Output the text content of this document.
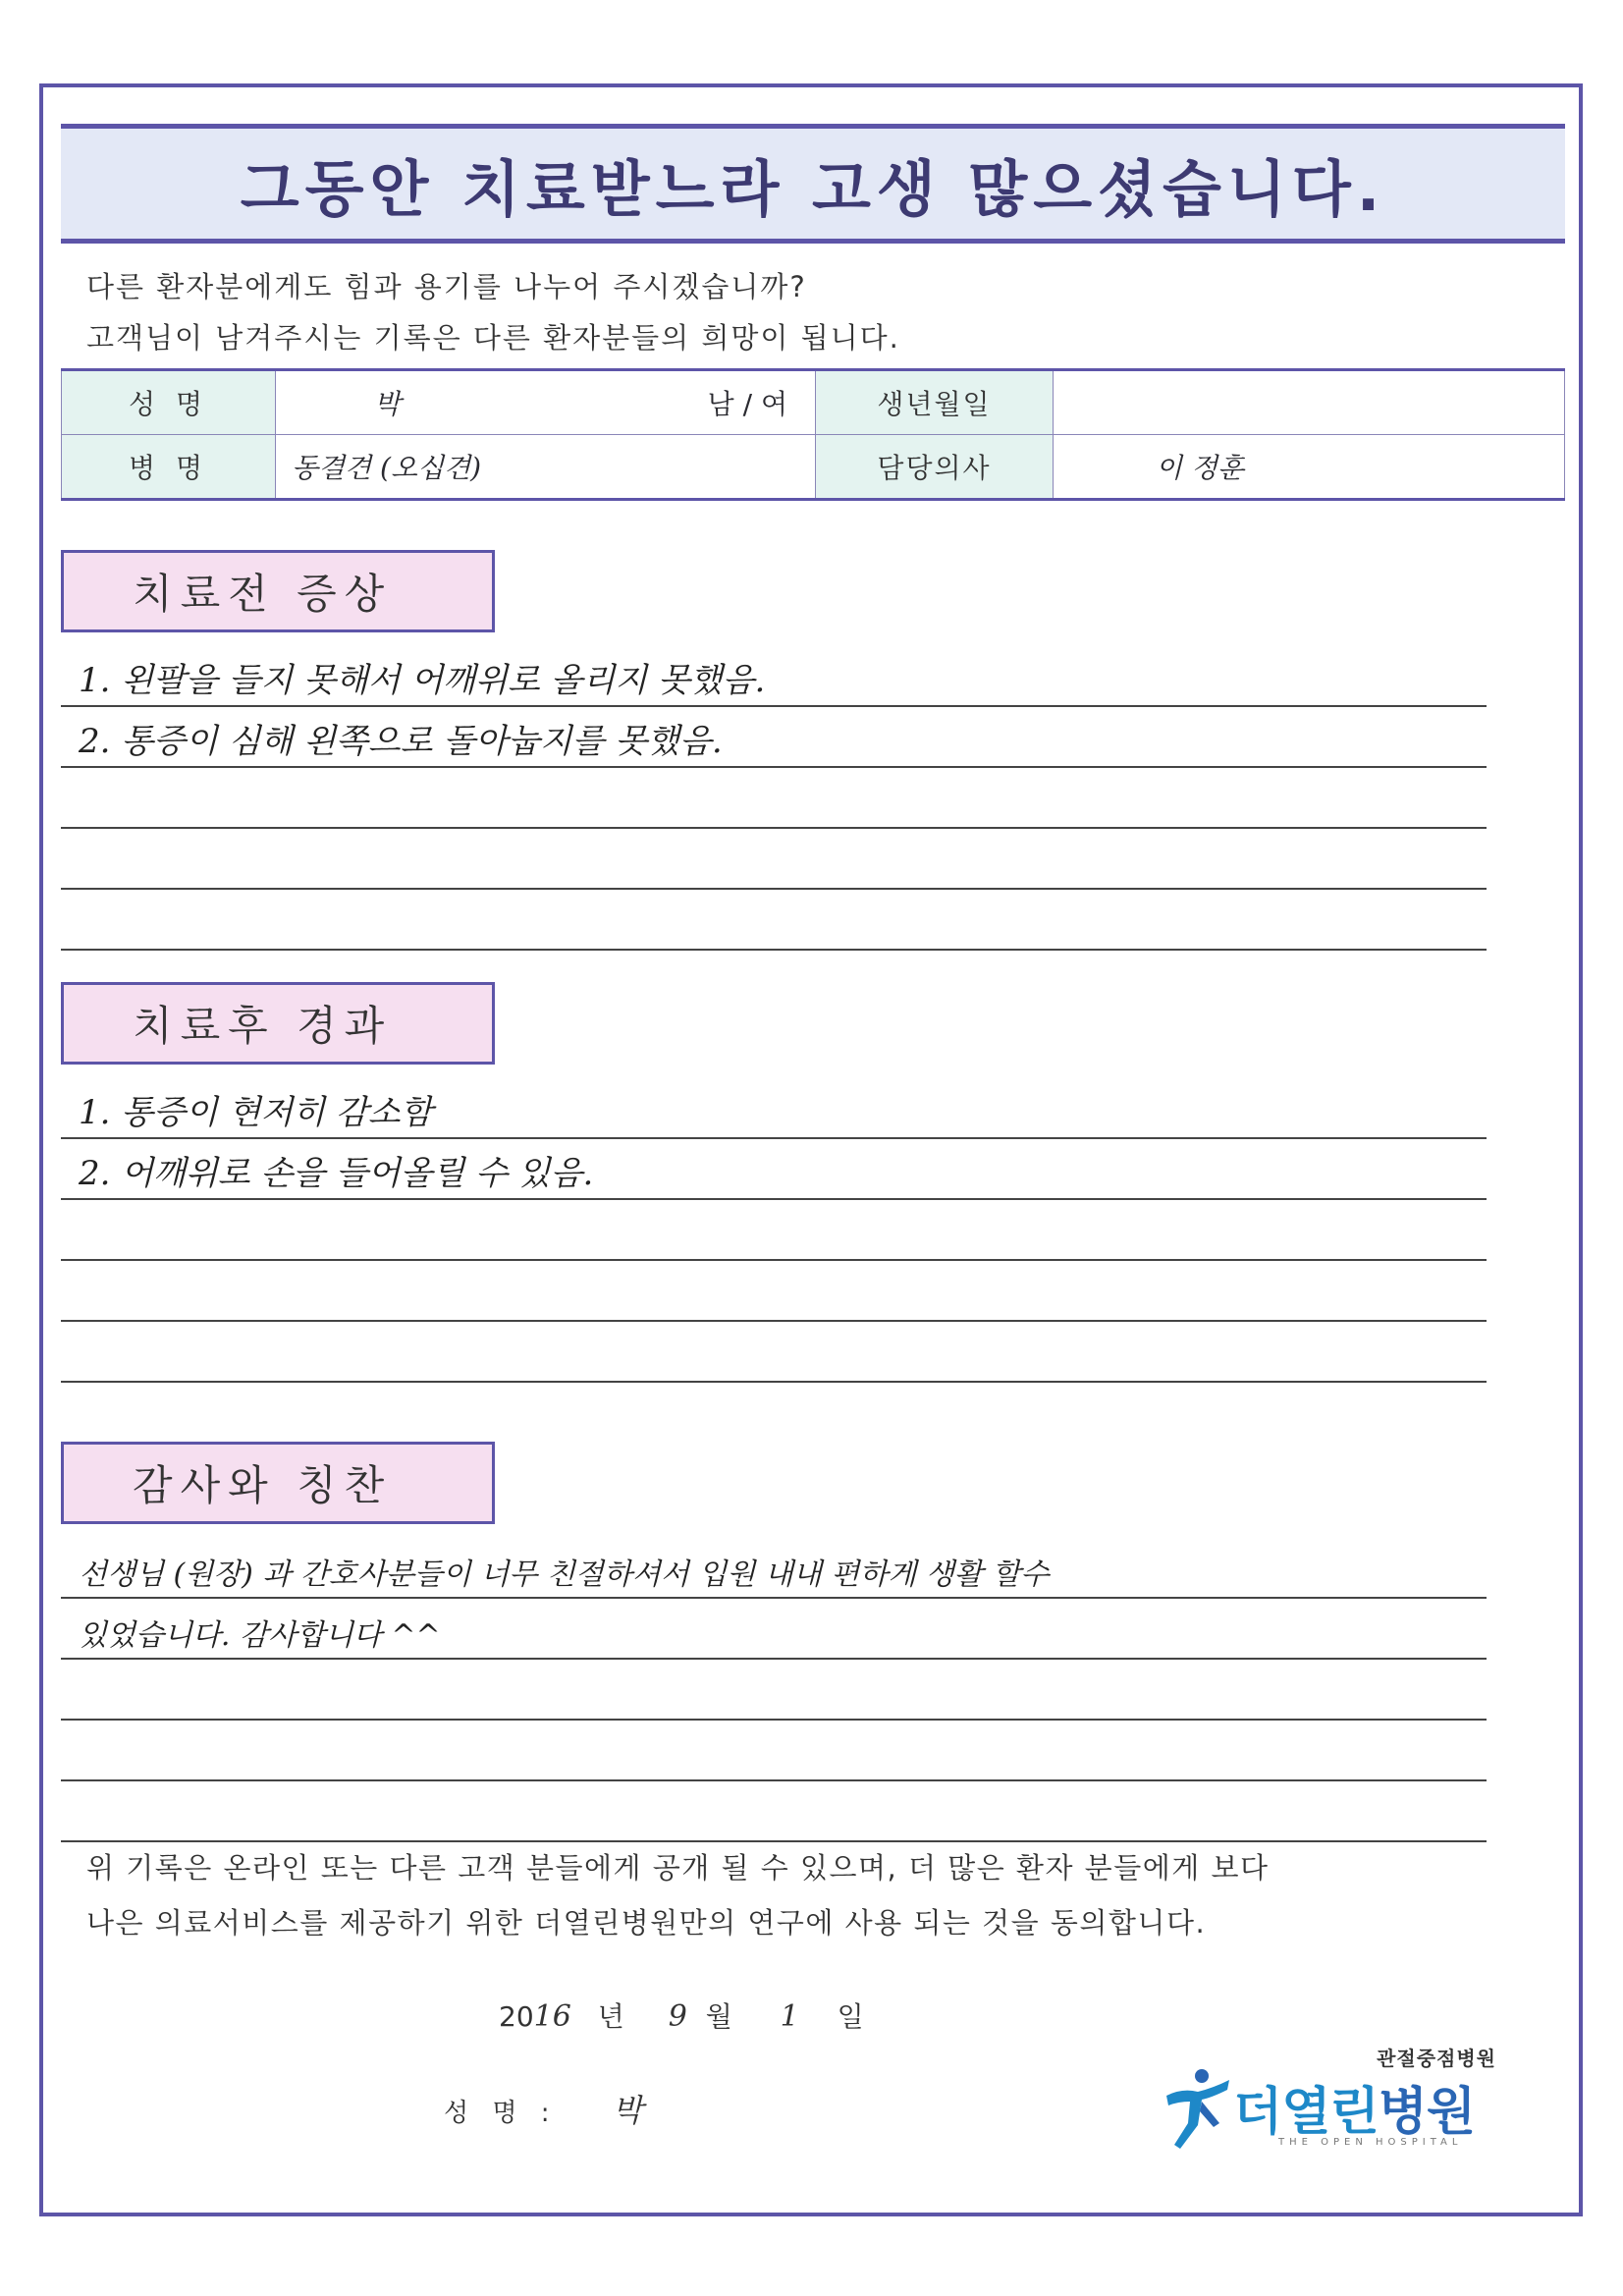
그동안 치료받느라 고생 많으셨습니다.
다른 환자분에게도 힘과 용기를 나누어 주시겠습니까?
고객님이 남겨주시는 기록은 다른 환자분들의 희망이 됩니다.
성 명	박 남 / 여	생년월일	
병 명	동결견 (오십견)	담당의사	이 정훈
치료전 증상
1. 왼팔을 들지 못해서 어깨위로 올리지 못했음.
2. 통증이 심해 왼쪽으로 돌아눕지를 못했음.
치료후 경과
1. 통증이 현저히 감소함
2. 어깨위로 손을 들어올릴 수 있음.
감사와 칭찬
선생님 (원장) 과 간호사분들이 너무 친절하셔서 입원 내내 편하게 생활 할수
있었습니다. 감사합니다 ^^
위 기록은 온라인 또는 다른 고객 분들에게 공개 될 수 있으며, 더 많은 환자 분들에게 보다
나은 의료서비스를 제공하기 위한 더열린병원만의 연구에 사용 되는 것을 동의합니다.
2016 년 9 월 1 일
성 명 : 박
관절중점병원
더열린병원
THE OPEN HOSPITAL
